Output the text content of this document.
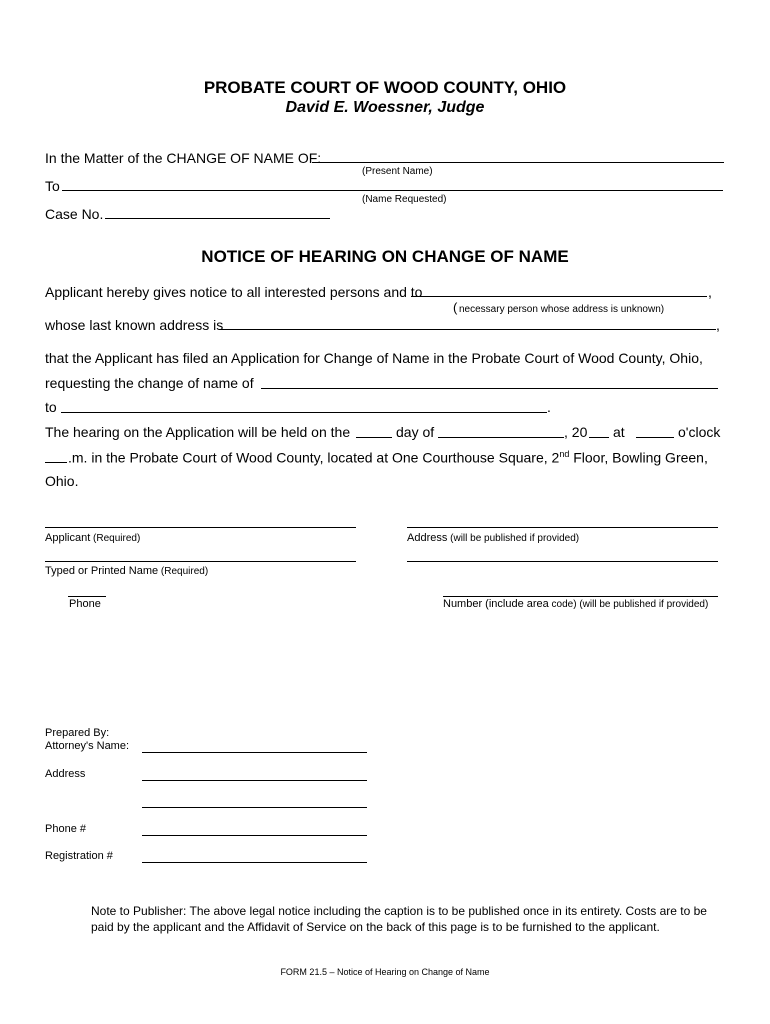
PROBATE COURT OF WOOD COUNTY, OHIO
David E. Woessner, Judge
In the Matter of the CHANGE OF NAME OF:
(Present Name)
To
(Name Requested)
Case No.
NOTICE OF HEARING ON CHANGE OF NAME
Applicant hereby gives notice to all interested persons and to	,
( necessary person whose address is unknown)
whose last known address is	,
that the Applicant has filed an Application for Change of Name in the Probate Court of Wood County, Ohio,
requesting the change of name of
to	.
The hearing on the Application will be held on the	day of	, 20 at	o'clock
.m. in the Probate Court of Wood County, located at One Courthouse Square, 2nd Floor, Bowling Green,
Ohio.
Applicant (Required)	Address (will be published if provided)
Typed or Printed Name (Required)
Phone	Number (include area code) (will be published if provided)
Prepared By:
Attorney's Name:
Address
Phone #
Registration #
Note to Publisher: The above legal notice including the caption is to be published once in its entirety. Costs are to be paid by the applicant and the Affidavit of Service on the back of this page is to be furnished to the applicant.
FORM 21.5 – Notice of Hearing on Change of Name
